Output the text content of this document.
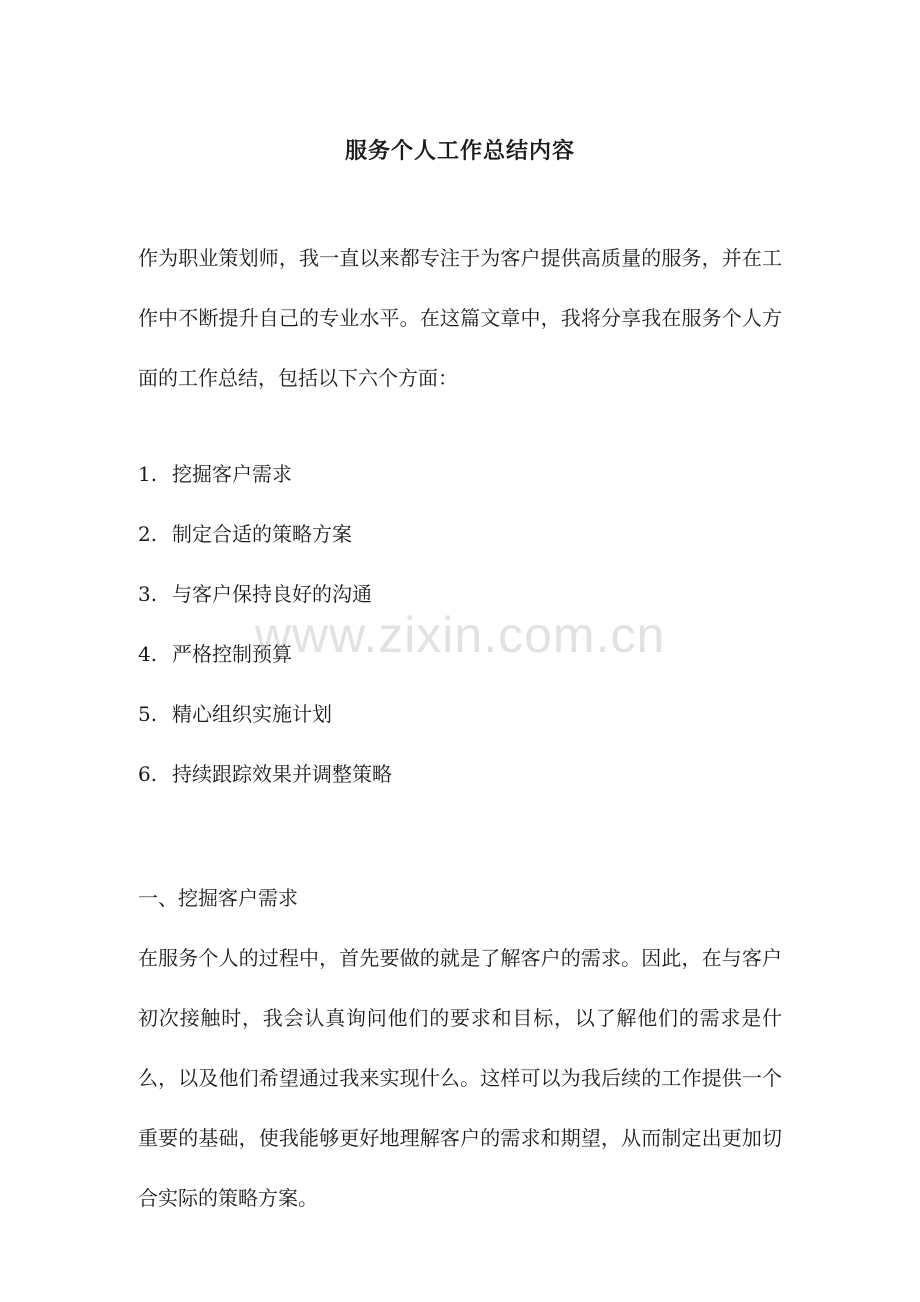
服务个人工作总结内容

作为职业策划师，我一直以来都专注于为客户提供高质量的服务，并在工作中不断提升自己的专业水平。在这篇文章中，我将分享我在服务个人方面的工作总结，包括以下六个方面：

1. 挖掘客户需求
2. 制定合适的策略方案
3. 与客户保持良好的沟通
4. 严格控制预算
5. 精心组织实施计划
6. 持续跟踪效果并调整策略
一、挖掘客户需求

在服务个人的过程中，首先要做的就是了解客户的需求。因此，在与客户初次接触时，我会认真询问他们的要求和目标，以了解他们的需求是什么，以及他们希望通过我来实现什么。这样可以为我后续的工作提供一个重要的基础，使我能够更好地理解客户的需求和期望，从而制定出更加切合实际的策略方案。

www.zixin.com.cn
